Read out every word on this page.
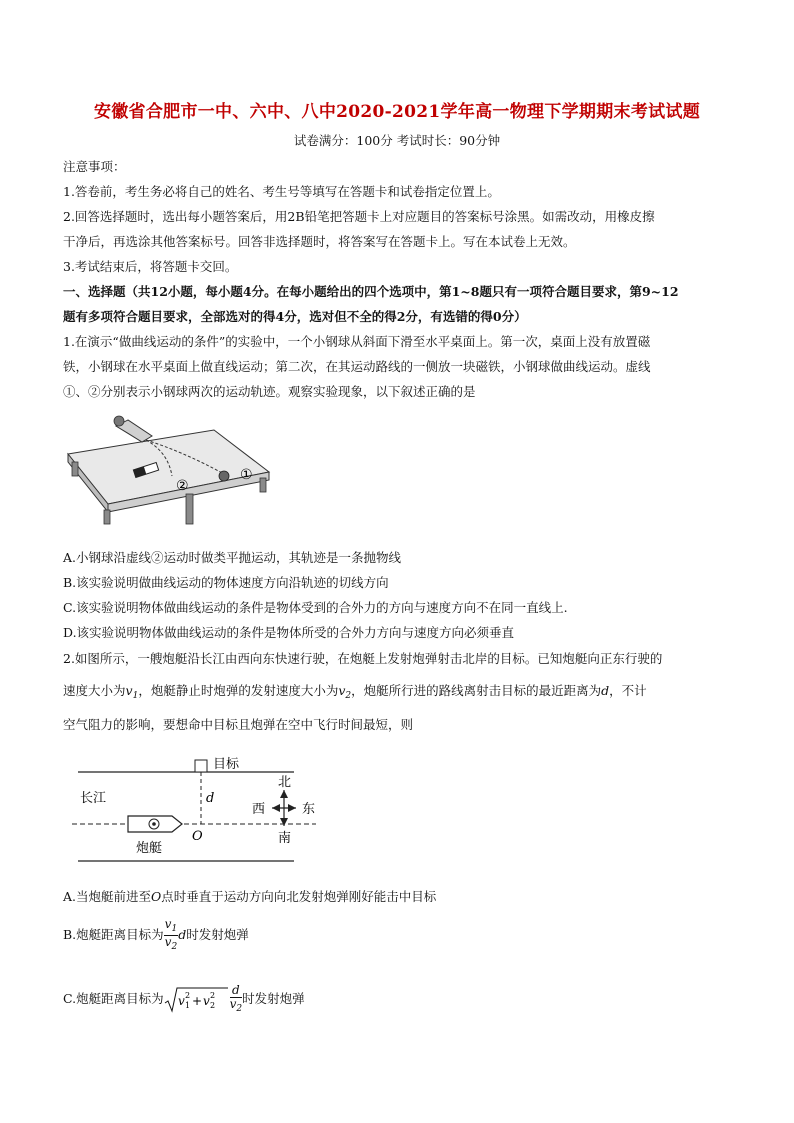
安徽省合肥市一中、六中、八中2020-2021学年高一物理下学期期末考试试题
试卷满分：100分 考试时长：90分钟
注意事项：
1.答卷前，考生务必将自己的姓名、考生号等填写在答题卡和试卷指定位置上。
2.回答选择题时，选出每小题答案后，用2B铅笔把答题卡上对应题目的答案标号涂黑。如需改动，用橡皮擦
干净后，再选涂其他答案标号。回答非选择题时，将答案写在答题卡上。写在本试卷上无效。
3.考试结束后，将答题卡交回。
一、选择题（共12小题，每小题4分。在每小题给出的四个选项中，第1~8题只有一项符合题目要求，第9~12
题有多项符合题目要求，全部选对的得4分，选对但不全的得2分，有选错的得0分）
1.在演示“做曲线运动的条件”的实验中，一个小钢球从斜面下滑至水平桌面上。第一次，桌面上没有放置磁
铁，小钢球在水平桌面上做直线运动；第二次，在其运动路线的一侧放一块磁铁，小钢球做曲线运动。虚线
①、②分别表示小钢球两次的运动轨迹。观察实验现象，以下叙述正确的是
①
②
A.小钢球沿虚线②运动时做类平抛运动，其轨迹是一条抛物线
B.该实验说明做曲线运动的物体速度方向沿轨迹的切线方向
C.该实验说明物体做曲线运动的条件是物体受到的合外力的方向与速度方向不在同一直线上.
D.该实验说明物体做曲线运动的条件是物体所受的合外力方向与速度方向必须垂直
2.如图所示，一艘炮艇沿长江由西向东快速行驶，在炮艇上发射炮弹射击北岸的目标。已知炮艇向正东行驶的
速度大小为$v_1$，炮艇静止时炮弹的发射速度大小为$v_2$，炮艇所行进的路线离射击目标的最近距离为d，不计
空气阻力的影响，要想命中目标且炮弹在空中飞行时间最短，则
目标
d
长江
炮艇
O
北
南
西	东
A.当炮艇前进至O点时垂直于运动方向向北发射炮弹刚好能击中目标
B.炮艇距离目标为 $\frac{v_1}{v_2}$ d时发射炮弹
C.炮艇距离目标为 v 1
2 + v 2
$2 \frac{d}{v_2}$ 时发射炮弹
